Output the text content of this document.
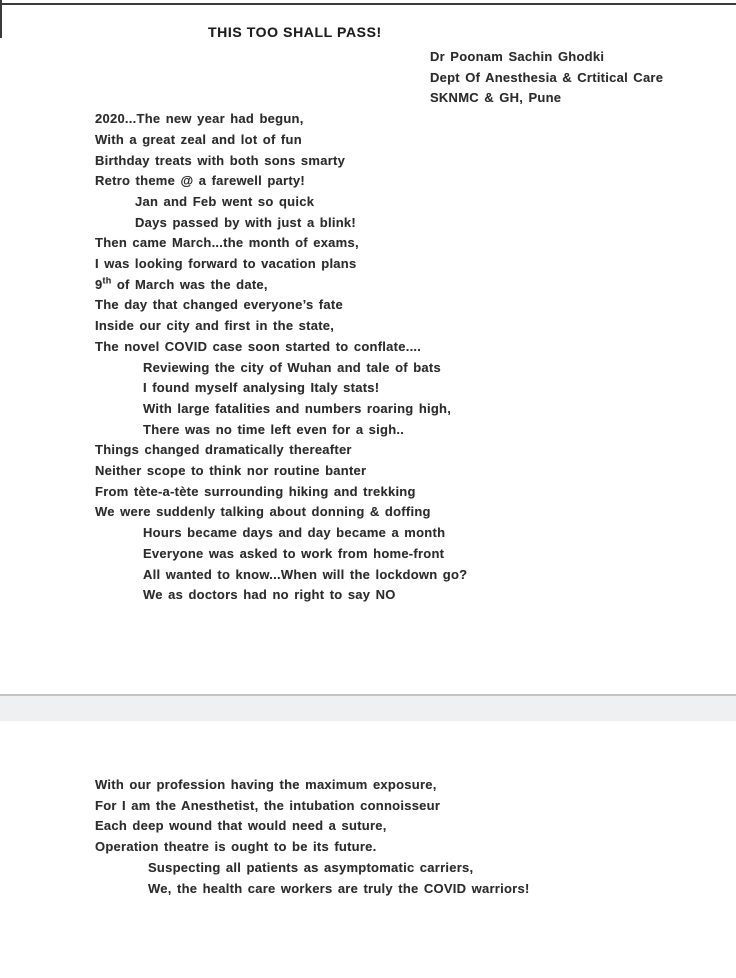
THIS TOO SHALL PASS!

Dr Poonam Sachin Ghodki

Dept Of Anesthesia & Crtitical Care

SKNMC & GH, Pune

2020...The new year had begun,

With a great zeal and lot of fun

Birthday treats with both sons smarty

Retro theme @ a farewell party!

Jan and Feb went so quick

Days passed by with just a blink!

Then came March...the month of exams,

I was looking forward to vacation plans

9th of March was the date,

The day that changed everyone’s fate

Inside our city and first in the state,

The novel COVID case soon started to conflate....

Reviewing the city of Wuhan and tale of bats

I found myself analysing Italy stats!

With large fatalities and numbers roaring high,

There was no time left even for a sigh..

Things changed dramatically thereafter

Neither scope to think nor routine banter

From tète-a-tète surrounding hiking and trekking

We were suddenly talking about donning & doffing

Hours became days and day became a month

Everyone was asked to work from home-front

All wanted to know...When will the lockdown go?

We as doctors had no right to say NO

With our profession having the maximum exposure,

For I am the Anesthetist, the intubation connoisseur

Each deep wound that would need a suture,

Operation theatre is ought to be its future.

Suspecting all patients as asymptomatic carriers,

We, the health care workers are truly the COVID warriors!
